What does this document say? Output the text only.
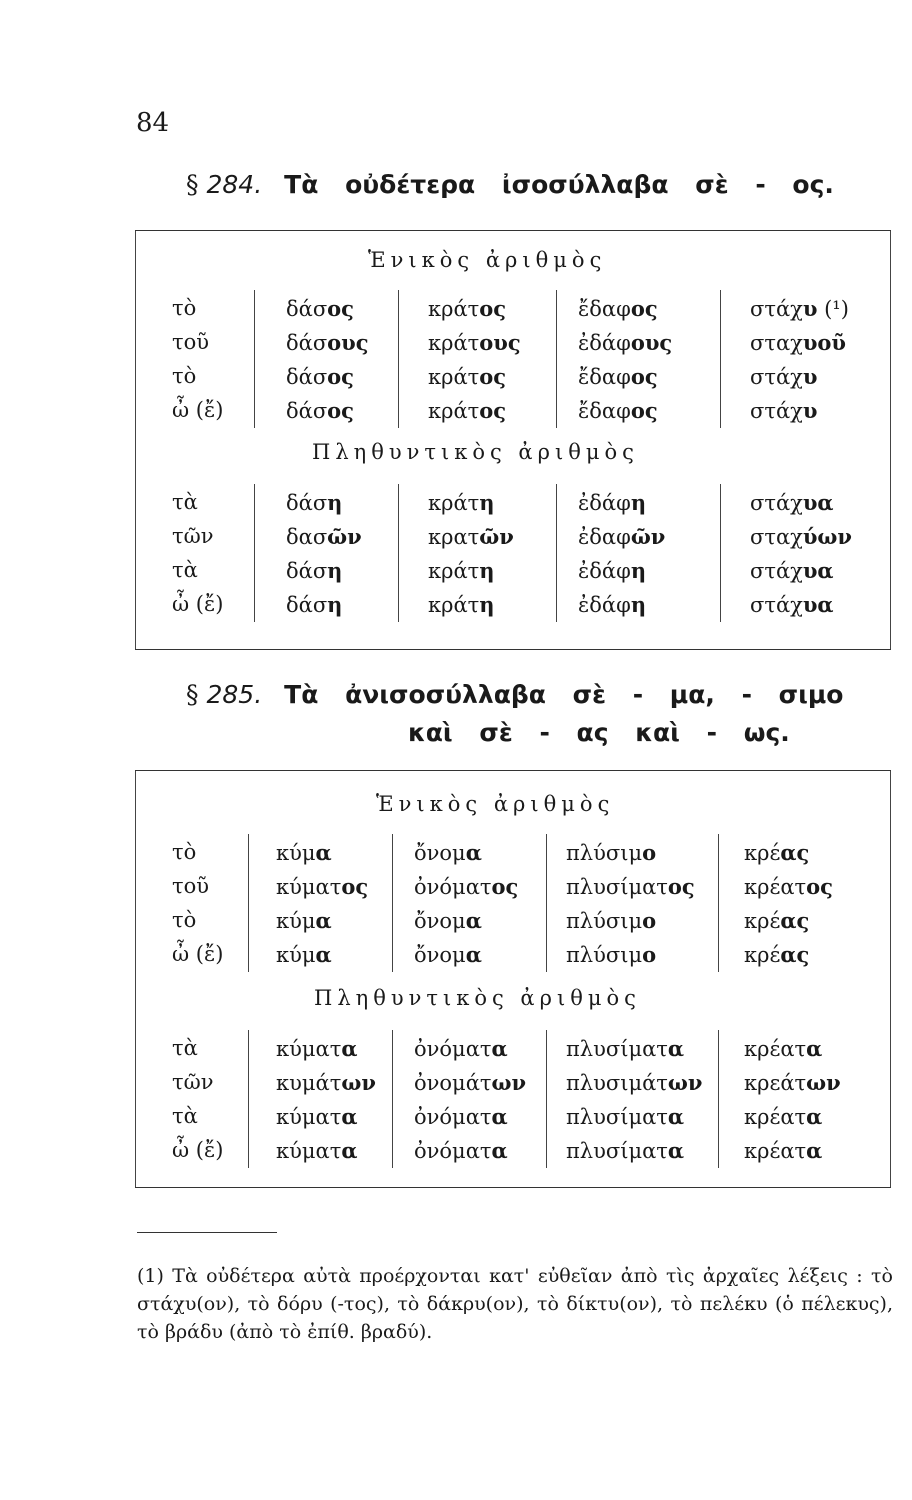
84
§ 284. Τὰ οὐδέτερα ἰσοσύλλαβα σὲ - ος.
Ἑνικὸς ἀριθμὸς
Πληθυντικὸς ἀριθμὸς
τὸ	δάσος	κράτος	ἔδαφος	στάχυ (¹)
τοῦ	δάσους	κράτους	ἐδάφους	σταχυοῦ
τὸ	δάσος	κράτος	ἔδαφος	στάχυ
ὦ (ἔ)	δάσος	κράτος	ἔδαφος	στάχυ
τὰ	δάση	κράτη	ἐδάφη	στάχυα
τῶν	δασῶν	κρατῶν	ἐδαφῶν	σταχύων
τὰ	δάση	κράτη	ἐδάφη	στάχυα
ὦ (ἔ)	δάση	κράτη	ἐδάφη	στάχυα
§ 285. Τὰ ἀνισοσύλλαβα σὲ - μα, - σιμο
καὶ σὲ - ας καὶ - ως.
Ἑνικὸς ἀριθμὸς
Πληθυντικὸς ἀριθμὸς
τὸ	κύμα	ὄνομα	πλύσιμο	κρέας
τοῦ	κύματος ὀνόματος πλυσίματος κρέατος
τὸ	κύμα	ὄνομα	πλύσιμο	κρέας
ὦ (ἔ)	κύμα	ὄνομα	πλύσιμο	κρέας
τὰ	κύματα	ὀνόματα	πλυσίματα	κρέατα
τῶν	κυμάτων ὀνομάτων πλυσιμάτων κρεάτων
τὰ	κύματα	ὀνόματα	πλυσίματα	κρέατα
ὦ (ἔ)	κύματα	ὀνόματα	πλυσίματα	κρέατα
(1) Τὰ οὐδέτερα αὐτὰ προέρχονται κατ' εὐθεῖαν ἀπὸ τὶς ἀρχαῖες λέξεις : τὸ στάχυ(ον), τὸ δόρυ (-τος), τὸ δάκρυ(ον), τὸ δίκτυ(ον), τὸ πελέκυ (ὁ πέλεκυς), τὸ βράδυ (ἀπὸ τὸ ἐπίθ. βραδύ).
